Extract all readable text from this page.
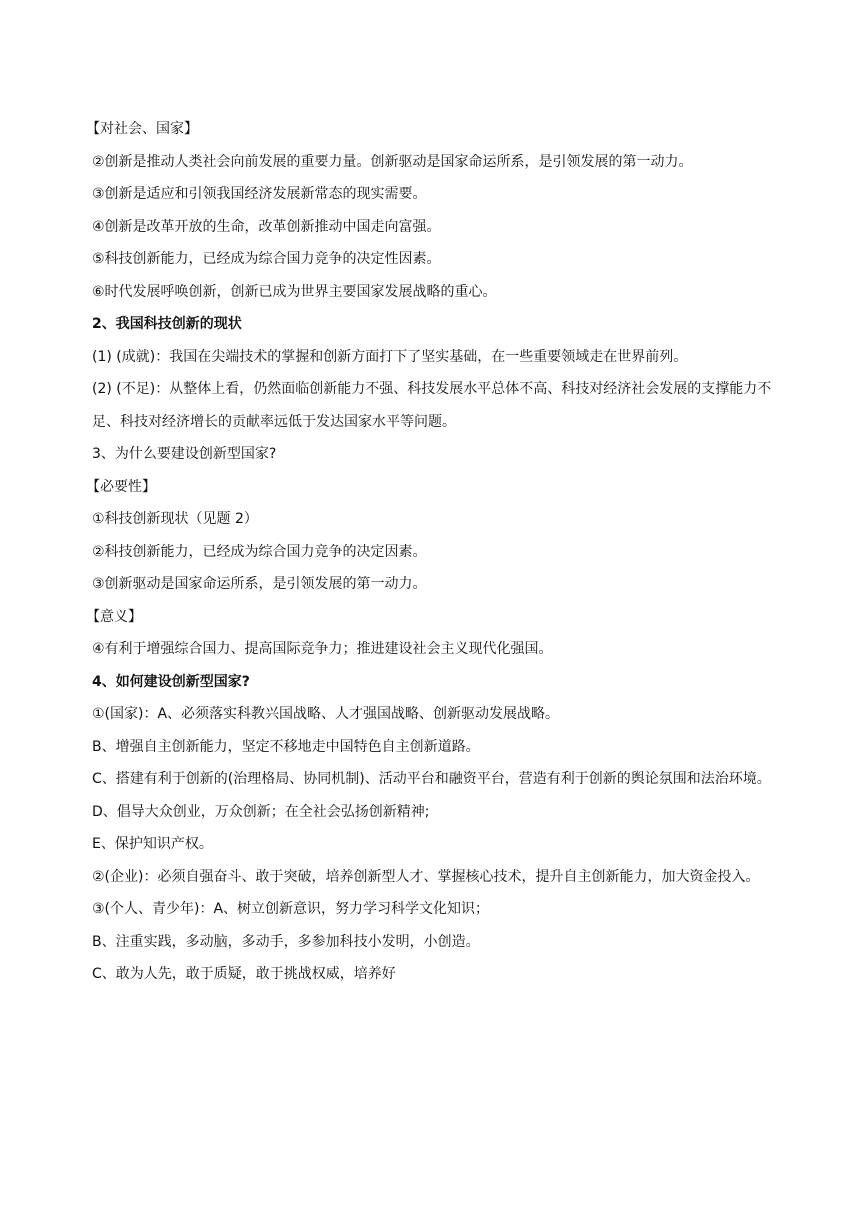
【对社会、国家】

②创新是推动人类社会向前发展的重要力量。创新驱动是国家命运所系，是引领发展的第一动力。

③创新是适应和引领我国经济发展新常态的现实需要。

④创新是改革开放的生命，改革创新推动中国走向富强。

⑤科技创新能力，已经成为综合国力竞争的决定性因素。

⑥时代发展呼唤创新，创新已成为世界主要国家发展战略的重心。

2、我国科技创新的现状

(1) (成就)：我国在尖端技术的掌握和创新方面打下了坚实基础，在一些重要领域走在世界前列。

(2) (不足)：从整体上看，仍然面临创新能力不强、科技发展水平总体不高、科技对经济社会发展的支撑能力不足、科技对经济增长的贡献率远低于发达国家水平等问题。

3、为什么要建设创新型国家?

【必要性】

①科技创新现状（见题 2）

②科技创新能力，已经成为综合国力竞争的决定因素。

③创新驱动是国家命运所系，是引领发展的第一动力。

【意义】

④有利于增强综合国力、提高国际竞争力；推进建设社会主义现代化强国。

4、如何建设创新型国家?

①(国家)：A、必须落实科教兴国战略、人才强国战略、创新驱动发展战略。

B、增强自主创新能力，坚定不移地走中国特色自主创新道路。

C、搭建有利于创新的(治理格局、协同机制)、活动平台和融资平台，营造有利于创新的舆论氛围和法治环境。

D、倡导大众创业，万众创新；在全社会弘扬创新精神;

E、保护知识产权。

②(企业)：必须自强奋斗、敢于突破，培养创新型人才、掌握核心技术，提升自主创新能力，加大资金投入。

③(个人、青少年)：A、树立创新意识，努力学习科学文化知识；

B、注重实践，多动脑，多动手，多参加科技小发明，小创造。

C、敢为人先，敢于质疑，敢于挑战权威，培养好
